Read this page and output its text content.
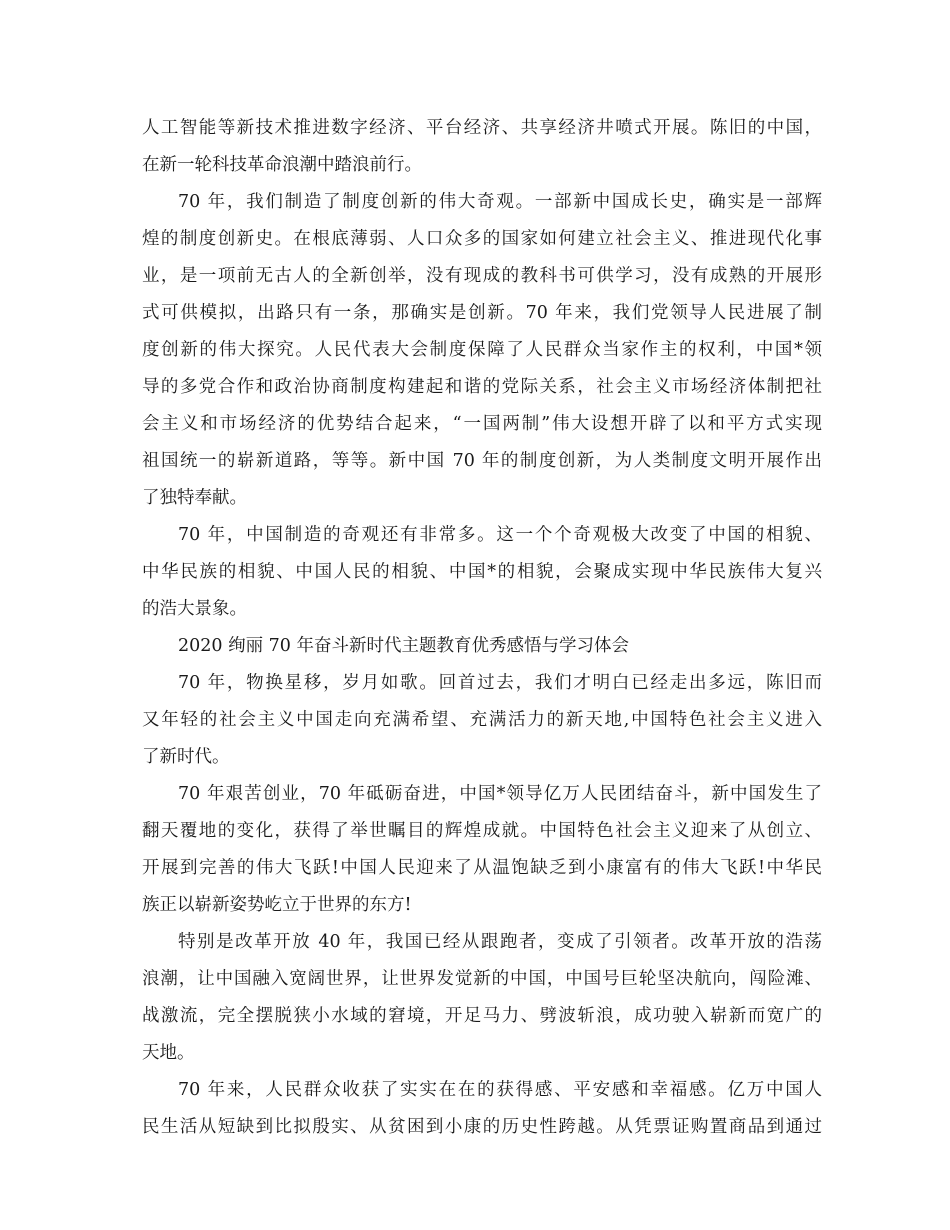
人工智能等新技术推进数字经济、平台经济、共享经济井喷式开展。陈旧的中国，
在新一轮科技革命浪潮中踏浪前行。
70 年，我们制造了制度创新的伟大奇观。一部新中国成长史，确实是一部辉
煌的制度创新史。在根底薄弱、人口众多的国家如何建立社会主义、推进现代化事
业，是一项前无古人的全新创举，没有现成的教科书可供学习，没有成熟的开展形
式可供模拟，出路只有一条，那确实是创新。70 年来，我们党领导人民进展了制
度创新的伟大探究。人民代表大会制度保障了人民群众当家作主的权利，中国*领
导的多党合作和政治协商制度构建起和谐的党际关系，社会主义市场经济体制把社
会主义和市场经济的优势结合起来，“一国两制”伟大设想开辟了以和平方式实现
祖国统一的崭新道路，等等。新中国 70 年的制度创新，为人类制度文明开展作出
了独特奉献。
70 年，中国制造的奇观还有非常多。这一个个奇观极大改变了中国的相貌、
中华民族的相貌、中国人民的相貌、中国*的相貌，会聚成实现中华民族伟大复兴
的浩大景象。
2020 绚丽 70 年奋斗新时代主题教育优秀感悟与学习体会
70 年，物换星移，岁月如歌。回首过去，我们才明白已经走出多远，陈旧而
又年轻的社会主义中国走向充满希望、充满活力的新天地,中国特色社会主义进入
了新时代。
70 年艰苦创业，70 年砥砺奋进，中国*领导亿万人民团结奋斗，新中国发生了
翻天覆地的变化，获得了举世瞩目的辉煌成就。中国特色社会主义迎来了从创立、
开展到完善的伟大飞跃!中国人民迎来了从温饱缺乏到小康富有的伟大飞跃!中华民
族正以崭新姿势屹立于世界的东方!
特别是改革开放 40 年，我国已经从跟跑者，变成了引领者。改革开放的浩荡
浪潮，让中国融入宽阔世界，让世界发觉新的中国，中国号巨轮坚决航向，闯险滩、
战激流，完全摆脱狭小水域的窘境，开足马力、劈波斩浪，成功驶入崭新而宽广的
天地。
70 年来，人民群众收获了实实在在的获得感、平安感和幸福感。亿万中国人
民生活从短缺到比拟殷实、从贫困到小康的历史性跨越。从凭票证购置商品到通过
